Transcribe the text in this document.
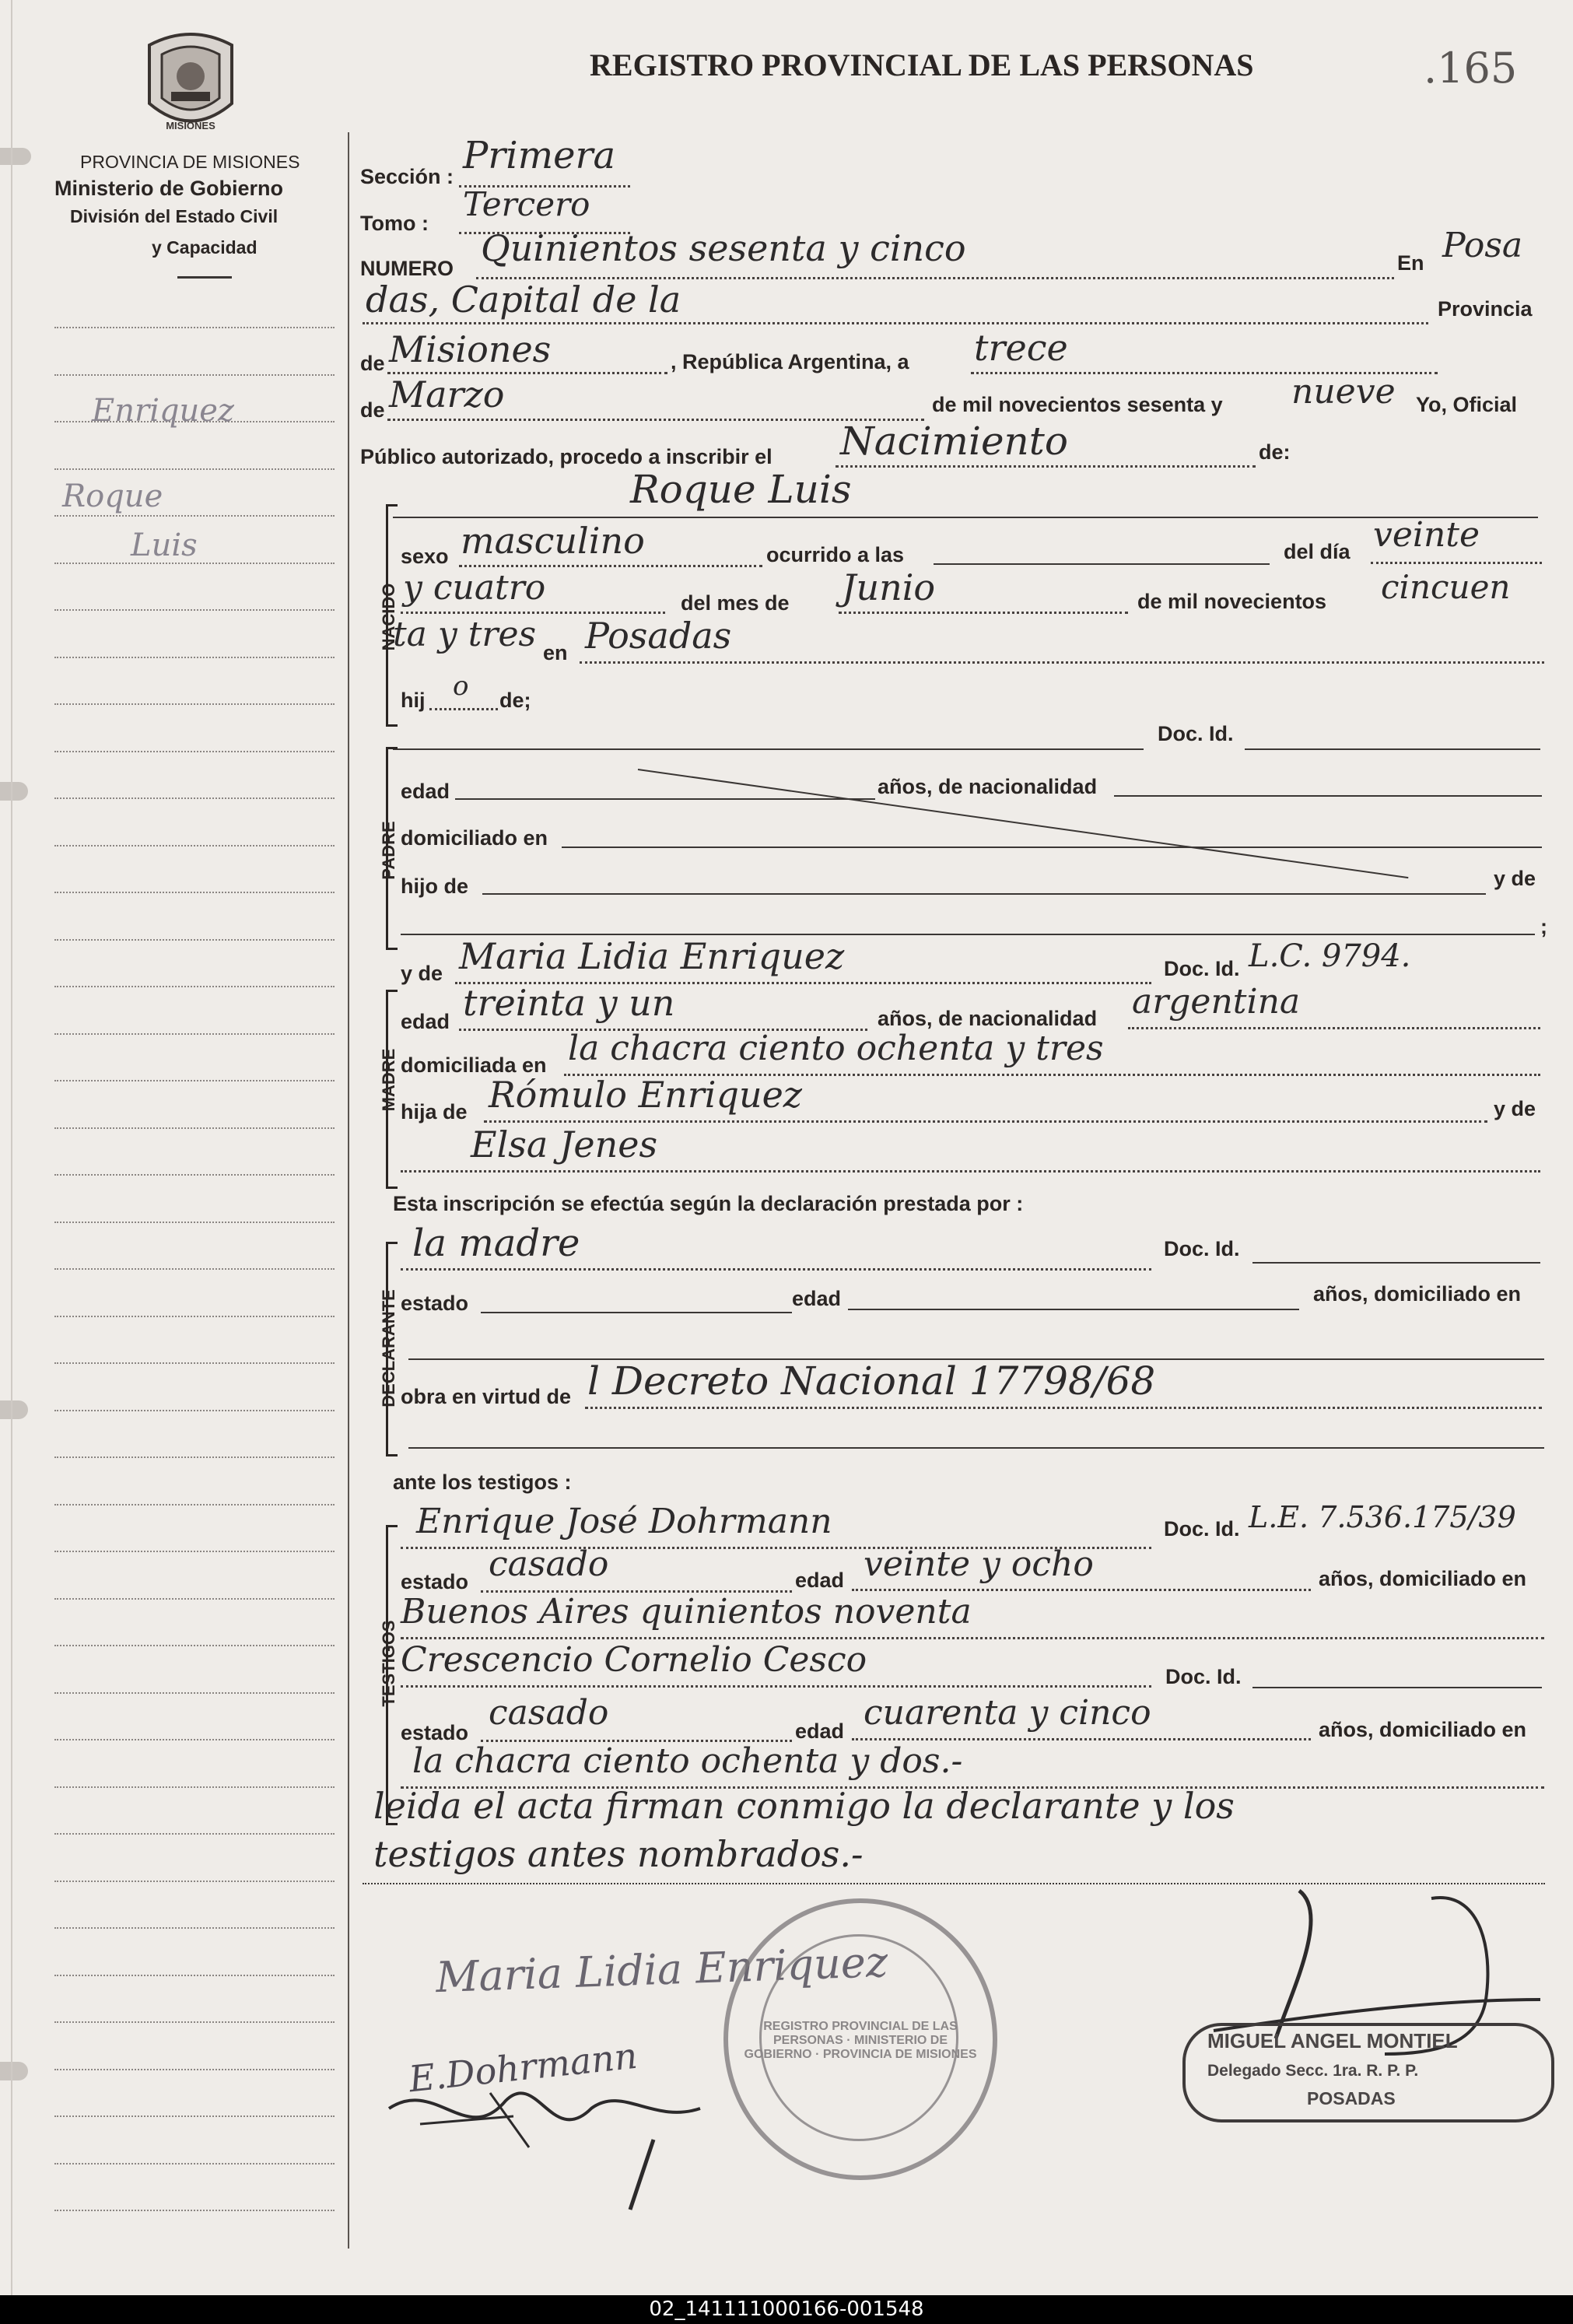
MISIONES
REGISTRO PROVINCIAL DE LAS PERSONAS	.165
PROVINCIA DE MISIONES
Ministerio de Gobierno
División del Estado Civil
y Capacidad
Enriquez
Roque
Luis
Sección : Primera
Tomo : Tercero
NUMERO Quinientos sesenta y cinco	En Posa
das, Capital de la	Provincia
de Misiones	, República Argentina, a trece
de Marzo	de mil novecientos sesenta y nueve Yo, Oficial
Público autorizado, procedo a inscribir el Nacimiento	de:
Roque Luis
NACIDO
sexo masculino	ocurrido a las	del día veinte
y cuatro	del mes de Junio	de mil novecientos cincuen
ta y tres en Posadas
hij o de;
Doc. Id.
PADRE
edad	años, de nacionalidad
domiciliado en
hijo de	y de
;
y de Maria Lidia Enriquez	Doc. Id. L.C. 9794.
MADRE
edad treinta y un	años, de nacionalidad argentina
domiciliada en la chacra ciento ochenta y tres
hija de Rómulo Enriquez	y de
Elsa Jenes
Esta inscripción se efectúa según la declaración prestada por :
la madre	Doc. Id.
DECLARANTE estado	edad	años, domiciliado en
obra en virtud de l Decreto Nacional 17798/68
ante los testigos :
Enrique José Dohrmann	Doc. Id. L.E. 7.536.175/39
TESTIGOS
estado casado	edad veinte y ocho	años, domiciliado en
Buenos Aires quinientos noventa
Crescencio Cornelio Cesco	Doc. Id.
estado casado	edad cuarenta y cinco	años, domiciliado en
la chacra ciento ochenta y dos.-
leida el acta firman conmigo la declarante y los
testigos antes nombrados.-
Maria Lidia Enriquez
E.Dohrmann
REGISTRO PROVINCIAL DE LAS PERSONAS · MINISTERIO DE GOBIERNO · PROVINCIA DE MISIONES
MIGUEL ANGEL MONTIEL
Delegado Secc. 1ra. R. P. P.
POSADAS
02_141111000166-001548
